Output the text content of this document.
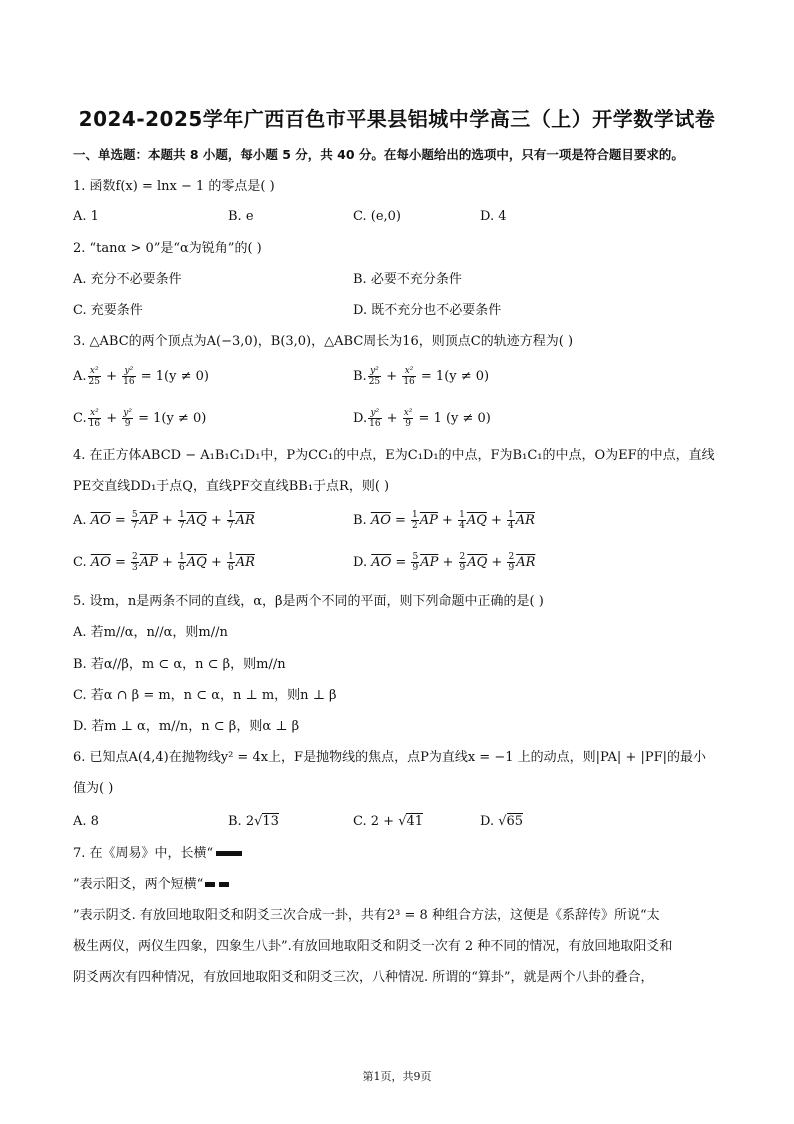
2024-2025学年广西百色市平果县铝城中学高三（上）开学数学试卷
一、单选题：本题共 8 小题，每小题 5 分，共 40 分。在每小题给出的选项中，只有一项是符合题目要求的。
1. 函数f(x) = lnx − 1 的零点是( )
A. 1	B. e	C. (e,0)	D. 4
2. “tanα > 0”是“α为锐角”的( )
A. 充分不必要条件	B. 必要不充分条件
C. 充要条件	D. 既不充分也不必要条件
3. △ABC的两个顶点为A(−3,0)，B(3,0)，△ABC周长为16，则顶点C的轨迹方程为( )
A. $\frac{\text{x²}}{25} + \frac{\text{y²}}{16} = 1(y \ne 0)$	B. $\frac{\text{y²}}{25} + \frac{\text{x²}}{16} = 1(y \ne 0)$
C. $\frac{\text{x²}}{16} + \frac{\text{y²}}{9} = 1(y \ne 0)$	D. $\frac{\text{y²}}{16} + \frac{\text{x²}}{9} = 1$ (y ≠ 0)
4. 在正方体ABCD − A₁B₁C₁D₁中，P为CC₁的中点，E为C₁D₁的中点，F为B₁C₁的中点，O为EF的中点，直线
PE交直线DD₁于点Q，直线PF交直线BB₁于点R，则( )
A. $\overline{AO} = \frac{5}{7} \overline{AP} + \frac{1}{7} \overline{AQ} + \frac{1}{7} \overline{AR}$	B. $\overline{AO} = \frac{1}{2} \overline{AP} + \frac{1}{4} \overline{AQ} + \frac{1}{4} \overline{AR}$
C. $\overline{AO} = \frac{2}{3} \overline{AP} + \frac{1}{6} \overline{AQ} + \frac{1}{6} \overline{AR}$	D. $\overline{AO} = \frac{5}{9} \overline{AP} + \frac{2}{9} \overline{AQ} + \frac{2}{9} \overline{AR}$
5. 设m，n是两条不同的直线，α，β是两个不同的平面，则下列命题中正确的是( )
A. 若m//α，n//α，则m//n
B. 若α//β，m ⊂ α，n ⊂ β，则m//n
C. 若α ∩ β = m，n ⊂ α，n ⊥ m，则n ⊥ β
D. 若m ⊥ α，m//n，n ⊂ β，则α ⊥ β
6. 已知点A(4,4)在抛物线y² = 4x上，F是抛物线的焦点，点P为直线x = −1 上的动点，则|PA| + |PF|的最小
值为( )
A. 8	B. 2√13	C. 2 + √41	D. √65
7. 在《周易》中，长横“
”表示阳爻，两个短横“
”表示阴爻. 有放回地取阳爻和阴爻三次合成一卦，共有2³ = 8 种组合方法，这便是《系辞传》所说“太
极生两仪，两仪生四象，四象生八卦”.有放回地取阳爻和阴爻一次有 2 种不同的情况，有放回地取阳爻和
阴爻两次有四种情况，有放回地取阳爻和阴爻三次，八种情况. 所谓的“算卦”，就是两个八卦的叠合，
第1页，共9页
